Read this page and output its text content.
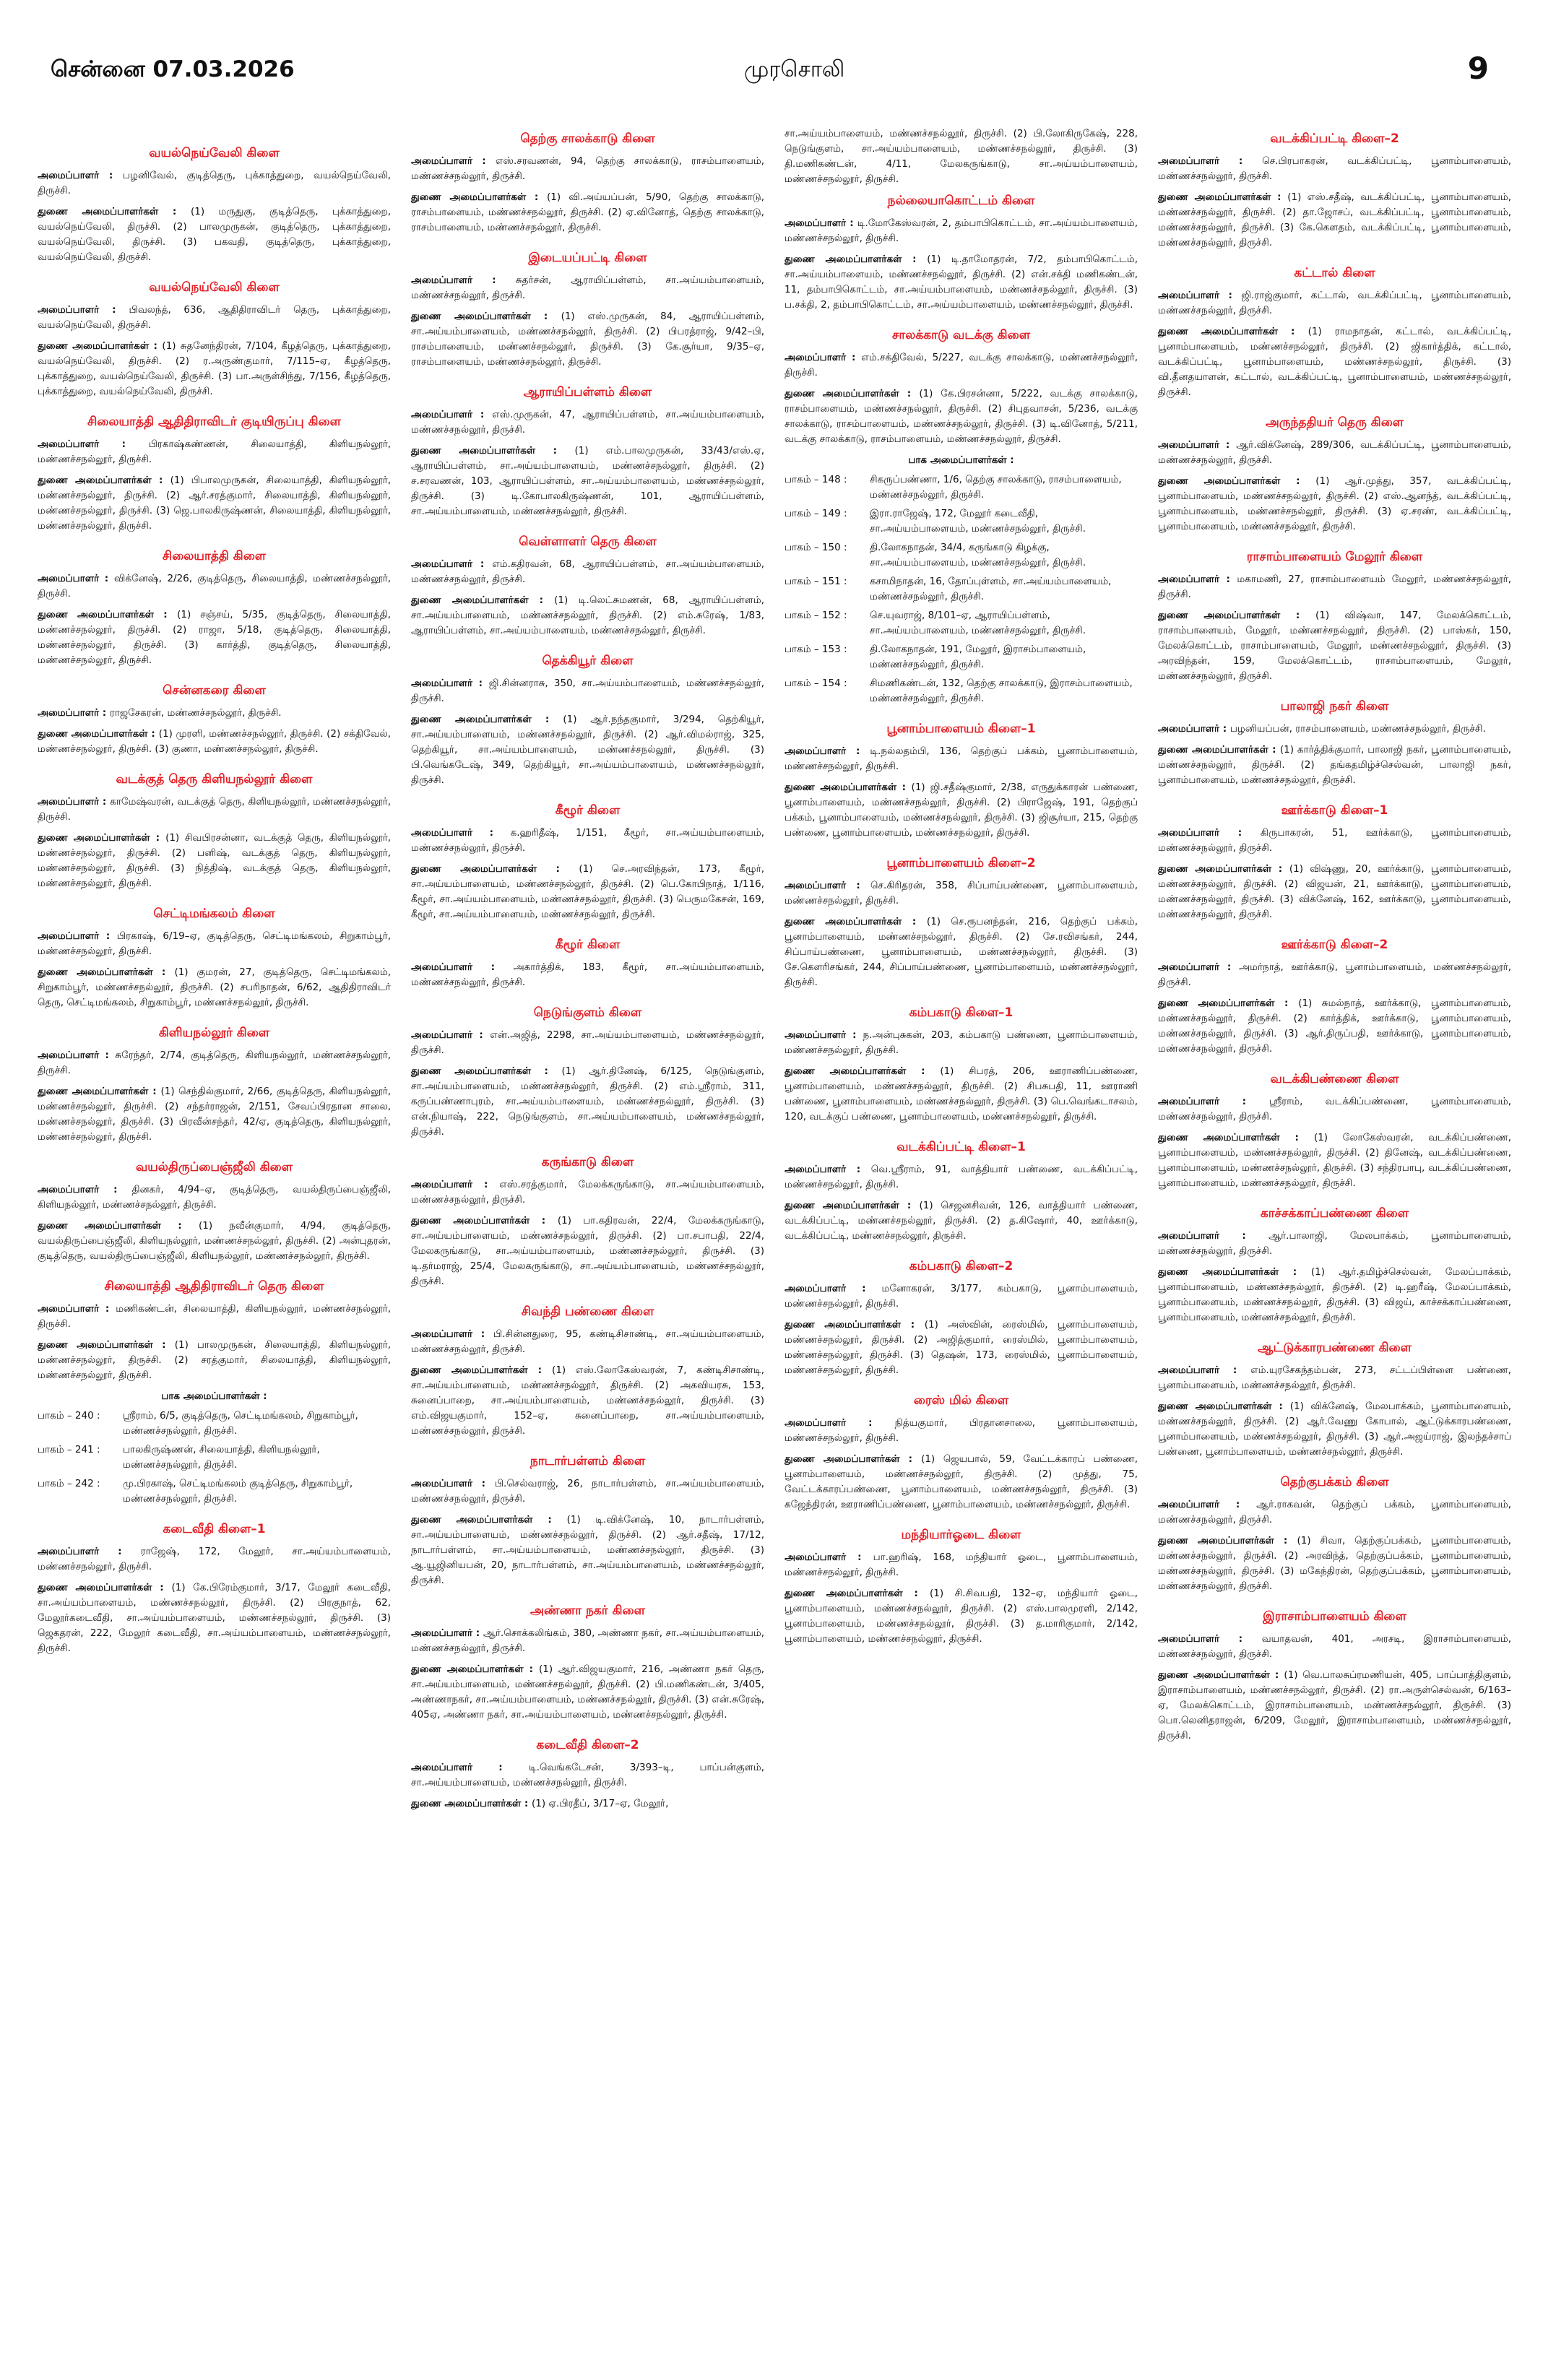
சென்னை 07.03.2026	முரசொலி	9
வயல்நெய்வேலி கிளை
அமைப்பாளர் : பழனிவேல், குடித்தெரு, புக்காத்துறை, வயல்நெய்வேலி, திருச்சி.
துணை அமைப்பாளர்கள் : (1) மருதுகு, குடித்தெரு, புக்காத்துறை, வயல்நெய்வேலி, திருச்சி. (2) பாலமுருகன், குடித்தெரு, புக்காத்துறை, வயல்நெய்வேலி, திருச்சி. (3) பகவதி, குடித்தெரு, புக்காத்துறை, வயல்நெய்வேலி, திருச்சி.
வயல்நெய்வேலி கிளை
அமைப்பாளர் : பிவலந்த், 636, ஆதிதிராவிடர் தெரு, புக்காத்துறை, வயல்நெய்வேலி, திருச்சி.
துணை அமைப்பாளர்கள் : (1) சுதனேந்திரன், 7/104, கீழத்தெரு, புக்காத்துறை, வயல்நெய்வேலி, திருச்சி. (2) ர.அருண்குமார், 7/115–ஏ, கீழத்தெரு, புக்காத்துறை, வயல்நெய்வேலி, திருச்சி. (3) பா.அருள்சிந்து, 7/156, கீழத்தெரு, புக்காத்துறை, வயல்நெய்வேலி, திருச்சி.
சிலையாத்தி ஆதிதிராவிடர் குடியிருப்பு கிளை
அமைப்பாளர் : பிரகாஷ்கண்ணன், சிலையாத்தி, கிளியநல்லூர், மண்ணச்சநல்லூர், திருச்சி.
துணை அமைப்பாளர்கள் : (1) பிபாலமுருகன், சிலையாத்தி, கிளியநல்லூர், மண்ணச்சநல்லூர், திருச்சி. (2) ஆர்.சரத்குமார், சிலையாத்தி, கிளியநல்லூர், மண்ணச்சநல்லூர், திருச்சி. (3) ஜெ.பாலகிருஷ்ணன், சிலையாத்தி, கிளியநல்லூர், மண்ணச்சநல்லூர், திருச்சி.
சிலையாத்தி கிளை
அமைப்பாளர் : விக்னேஷ், 2/26, குடித்தெரு, சிலையாத்தி, மண்ணச்சநல்லூர், திருச்சி.
துணை அமைப்பாளர்கள் : (1) சஞ்சய், 5/35, குடித்தெரு, சிலையாத்தி, மண்ணச்சநல்லூர், திருச்சி. (2) ராஜா, 5/18, குடித்தெரு, சிலையாத்தி, மண்ணச்சநல்லூர், திருச்சி. (3) கார்த்தி, குடித்தெரு, சிலையாத்தி, மண்ணச்சநல்லூர், திருச்சி.
சென்னகரை கிளை
அமைப்பாளர் : ராஜசேகரன், மண்ணச்சநல்லூர், திருச்சி.
துணை அமைப்பாளர்கள் : (1) முரளி, மண்ணச்சநல்லூர், திருச்சி. (2) சக்திவேல், மண்ணச்சநல்லூர், திருச்சி. (3) குணா, மண்ணச்சநல்லூர், திருச்சி.
வடக்குத் தெரு கிளியநல்லூர் கிளை
அமைப்பாளர் : காமேஷ்வரன், வடக்குத் தெரு, கிளியநல்லூர், மண்ணச்சநல்லூர், திருச்சி.
துணை அமைப்பாளர்கள் : (1) சிவபிரசன்னா, வடக்குத் தெரு, கிளியநல்லூர், மண்ணச்சநல்லூர், திருச்சி. (2) பனிஷ், வடக்குத் தெரு, கிளியநல்லூர், மண்ணச்சநல்லூர், திருச்சி. (3) நித்திஷ், வடக்குத் தெரு, கிளியநல்லூர், மண்ணச்சநல்லூர், திருச்சி.
செட்டிமங்கலம் கிளை
அமைப்பாளர் : பிரகாஷ், 6/19–ஏ, குடித்தெரு, செட்டிமங்கலம், சிறுகாம்பூர், மண்ணச்சநல்லூர், திருச்சி.
துணை அமைப்பாளர்கள் : (1) குமரன், 27, குடித்தெரு, செட்டிமங்கலம், சிறுகாம்பூர், மண்ணச்சநல்லூர், திருச்சி. (2) சபரிநாதன், 6/62, ஆதிதிராவிடர் தெரு, செட்டிமங்கலம், சிறுகாம்பூர், மண்ணச்சநல்லூர், திருச்சி.
கிளியநல்லூர் கிளை
அமைப்பாளர் : சுரேந்தர், 2/74, குடித்தெரு, கிளியநல்லூர், மண்ணச்சநல்லூர், திருச்சி.
துணை அமைப்பாளர்கள் : (1) செந்தில்குமார், 2/66, குடித்தெரு, கிளியநல்லூர், மண்ணச்சநல்லூர், திருச்சி. (2) சந்தர்ராஜன், 2/151, சேவப்பிரதான சாலை, மண்ணச்சநல்லூர், திருச்சி. (3) பிரவீன்சந்தர், 42/ஏ, குடித்தெரு, கிளியநல்லூர், மண்ணச்சநல்லூர், திருச்சி.
வயல்திருப்பைஞ்ஜீலி கிளை
அமைப்பாளர் : தினகர், 4/94–ஏ, குடித்தெரு, வயல்திருப்பைஞ்ஜீலி, கிளியநல்லூர், மண்ணச்சநல்லூர், திருச்சி.
துணை அமைப்பாளர்கள் : (1) நவீன்குமார், 4/94, குடித்தெரு, வயல்திருப்பைஞ்ஜீலி, கிளியநல்லூர், மண்ணச்சநல்லூர், திருச்சி. (2) அன்புதரன், குடித்தெரு, வயல்திருப்பைஞ்ஜீலி, கிளியநல்லூர், மண்ணச்சநல்லூர், திருச்சி.
சிலையாத்தி ஆதிதிராவிடர் தெரு கிளை
அமைப்பாளர் : மணிகண்டன், சிலையாத்தி, கிளியநல்லூர், மண்ணச்சநல்லூர், திருச்சி.
துணை அமைப்பாளர்கள் : (1) பாலமுருகன், சிலையாத்தி, கிளியநல்லூர், மண்ணச்சநல்லூர், திருச்சி. (2) சரத்குமார், சிலையாத்தி, கிளியநல்லூர், மண்ணச்சநல்லூர், திருச்சி.
பாக அமைப்பாளர்கள் :
பாகம் – 240 :	ஸ்ரீராம், 6/5, குடித்தெரு, செட்டிமங்கலம், சிறுகாம்பூர், மண்ணச்சநல்லூர், திருச்சி.
பாகம் – 241 :	பாலகிருஷ்ணன், சிலையாத்தி, கிளியநல்லூர், மண்ணச்சநல்லூர், திருச்சி.
பாகம் – 242 :	மு.பிரகாஷ், செட்டிமங்கலம் குடித்தெரு, சிறுகாம்பூர், மண்ணச்சநல்லூர், திருச்சி.
கடைவீதி கிளை–1
அமைப்பாளர் : ராஜேஷ், 172, மேலூர், சா.அய்யம்பாளையம், மண்ணச்சநல்லூர், திருச்சி.
துணை அமைப்பாளர்கள் : (1) கே.பிரேம்குமார், 3/17, மேலூர் கடைவீதி, சா.அய்யம்பாளையம், மண்ணச்சநல்லூர், திருச்சி. (2) பிரகுநாத், 62, மேலூர்கடைவீதி, சா.அய்யம்பாளையம், மண்ணச்சநல்லூர், திருச்சி. (3) ஜெகதரன், 222, மேலூர் கடைவீதி, சா.அய்யம்பாளையம், மண்ணச்சநல்லூர், திருச்சி.
தெற்கு சாலக்காடு கிளை
அமைப்பாளர் : எஸ்.சரவணன், 94, தெற்கு சாலக்காடு, ராசம்பாளையம், மண்ணச்சநல்லூர், திருச்சி.
துணை அமைப்பாளர்கள் : (1) வி.அய்யப்பன், 5/90, தெற்கு சாலக்காடு, ராசம்பாளையம், மண்ணச்சநல்லூர், திருச்சி. (2) ஏ.வினோத், தெற்கு சாலக்காடு, ராசம்பாளையம், மண்ணச்சநல்லூர், திருச்சி.
இடையப்பட்டி கிளை
அமைப்பாளர் : சுதர்சன், ஆராயிப்பள்ளம், சா.அய்யம்பாளையம், மண்ணச்சநல்லூர், திருச்சி.
துணை அமைப்பாளர்கள் : (1) எஸ்.முருகன், 84, ஆராயிப்பள்ளம், சா.அய்யம்பாளையம், மண்ணச்சநல்லூர், திருச்சி. (2) பிபரத்ராஜ், 9/42–பி, ராசம்பாளையம், மண்ணச்சநல்லூர், திருச்சி. (3) கே.சூர்யா, 9/35–ஏ, ராசம்பாளையம், மண்ணச்சநல்லூர், திருச்சி.
ஆராயிப்பள்ளம் கிளை
அமைப்பாளர் : எஸ்.முருகன், 47, ஆராயிப்பள்ளம், சா.அய்யம்பாளையம், மண்ணச்சநல்லூர், திருச்சி.
துணை அமைப்பாளர்கள் : (1) எம்.பாலமுருகன், 33/43/எஸ்.ஏ, ஆராயிப்பள்ளம், சா.அய்யம்பாளையம், மண்ணச்சநல்லூர், திருச்சி. (2) ச.சரவணன், 103, ஆராயிப்பள்ளம், சா.அய்யம்பாளையம், மண்ணச்சநல்லூர், திருச்சி. (3) டி.கோபாலகிருஷ்ணன், 101, ஆராயிப்பள்ளம், சா.அய்யம்பாளையம், மண்ணச்சநல்லூர், திருச்சி.
வெள்ளாளர் தெரு கிளை
அமைப்பாளர் : எம்.கதிரவன், 68, ஆராயிப்பள்ளம், சா.அய்யம்பாளையம், மண்ணச்சநல்லூர், திருச்சி.
துணை அமைப்பாளர்கள் : (1) டி.லெட்சுமணன், 68, ஆராயிப்பள்ளம், சா.அய்யம்பாளையம், மண்ணச்சநல்லூர், திருச்சி. (2) எம்.சுரேஷ், 1/83, ஆராயிப்பள்ளம், சா.அய்யம்பாளையம், மண்ணச்சநல்லூர், திருச்சி.
தெக்கியூர் கிளை
அமைப்பாளர் : ஜி.சின்னராசு, 350, சா.அய்யம்பாளையம், மண்ணச்சநல்லூர், திருச்சி.
துணை அமைப்பாளர்கள் : (1) ஆர்.நந்தகுமார், 3/294, தெற்கியூர், சா.அய்யம்பாளையம், மண்ணச்சநல்லூர், திருச்சி. (2) ஆர்.விமல்ராஜ், 325, தெற்கியூர், சா.அய்யம்பாளையம், மண்ணச்சநல்லூர், திருச்சி. (3) பி.வெங்கடேஷ், 349, தெற்கியூர், சா.அய்யம்பாளையம், மண்ணச்சநல்லூர், திருச்சி.
கீழூர் கிளை
அமைப்பாளர் : க.ஹரிதீஷ், 1/151, கீழூர், சா.அய்யம்பாளையம், மண்ணச்சநல்லூர், திருச்சி.
துணை அமைப்பாளர்கள் : (1) செ.அரவிந்தன், 173, கீழூர், சா.அய்யம்பாளையம், மண்ணச்சநல்லூர், திருச்சி. (2) பெ.கோபிநாத், 1/116, கீழூர், சா.அய்யம்பாளையம், மண்ணச்சநல்லூர், திருச்சி. (3) பெருமகேசன், 169, கீழூர், சா.அய்யம்பாளையம், மண்ணச்சநல்லூர், திருச்சி.
கீழூர் கிளை
அமைப்பாளர் : அகார்த்திக், 183, கீழூர், சா.அய்யம்பாளையம், மண்ணச்சநல்லூர், திருச்சி.
நெடுங்குளம் கிளை
அமைப்பாளர் : என்.அஜித், 2298, சா.அய்யம்பாளையம், மண்ணச்சநல்லூர், திருச்சி.
துணை அமைப்பாளர்கள் : (1) ஆர்.தினேஷ், 6/125, நெடுங்குளம், சா.அய்யம்பாளையம், மண்ணச்சநல்லூர், திருச்சி. (2) எம்.ஸ்ரீராம், 311, கருப்பண்ணாபுரம், சா.அய்யம்பாளையம், மண்ணச்சநல்லூர், திருச்சி. (3) என்.நியாஷ், 222, நெடுங்குளம், சா.அய்யம்பாளையம், மண்ணச்சநல்லூர், திருச்சி.
கருங்காடு கிளை
அமைப்பாளர் : எஸ்.சரத்குமார், மேலக்கருங்காடு, சா.அய்யம்பாளையம், மண்ணச்சநல்லூர், திருச்சி.
துணை அமைப்பாளர்கள் : (1) பா.கதிரவன், 22/4, மேலக்கருங்காடு, சா.அய்யம்பாளையம், மண்ணச்சநல்லூர், திருச்சி. (2) பா.சபாபதி, 22/4, மேலகருங்காடு, சா.அய்யம்பாளையம், மண்ணச்சநல்லூர், திருச்சி. (3) டி.தர்மராஜ், 25/4, மேலகருங்காடு, சா.அய்யம்பாளையம், மண்ணச்சநல்லூர், திருச்சி.
சிவந்தி பண்ணை கிளை
அமைப்பாளர் : பி.சின்னதுரை, 95, கண்டிசிசாண்டி, சா.அய்யம்பாளையம், மண்ணச்சநல்லூர், திருச்சி.
துணை அமைப்பாளர்கள் : (1) எஸ்.லோகேஸ்வரன், 7, கண்டிசிசாண்டி, சா.அய்யம்பாளையம், மண்ணச்சநல்லூர், திருச்சி. (2) அகவியரசு, 153, சுனைப்பாறை, சா.அய்யம்பாளையம், மண்ணச்சநல்லூர், திருச்சி. (3) எம்.விஜயகுமார், 152–ஏ, சுனைப்பாறை, சா.அய்யம்பாளையம், மண்ணச்சநல்லூர், திருச்சி.
நாடார்பள்ளம் கிளை
அமைப்பாளர் : பி.செல்வராஜ், 26, நாடார்பள்ளம், சா.அய்யம்பாளையம், மண்ணச்சநல்லூர், திருச்சி.
துணை அமைப்பாளர்கள் : (1) டி.விக்னேஷ், 10, நாடார்பள்ளம், சா.அய்யம்பாளையம், மண்ணச்சநல்லூர், திருச்சி. (2) ஆர்.சதீஷ், 17/12, நாடார்பள்ளம், சா.அய்யம்பாளையம், மண்ணச்சநல்லூர், திருச்சி. (3) ஆ.யூஜினியபன், 20, நாடார்பள்ளம், சா.அய்யம்பாளையம், மண்ணச்சநல்லூர், திருச்சி.
அண்ணா நகர் கிளை
அமைப்பாளர் : ஆர்.சொக்கலிங்கம், 380, அண்ணா நகர், சா.அய்யம்பாளையம், மண்ணச்சநல்லூர், திருச்சி.
துணை அமைப்பாளர்கள் : (1) ஆர்.விஜயகுமார், 216, அண்ணா நகர் தெரு, சா.அய்யம்பாளையம், மண்ணச்சநல்லூர், திருச்சி. (2) பி.மணிகண்டன், 3/405, அண்ணாநகர், சா.அய்யம்பாளையம், மண்ணச்சநல்லூர், திருச்சி. (3) என்.சுரேஷ், 405ஏ, அண்ணா நகர், சா.அய்யம்பாளையம், மண்ணச்சநல்லூர், திருச்சி.
கடைவீதி கிளை–2
அமைப்பாளர் : டி.வெங்கடேசன், 3/393–டி, பாப்பன்குளம், சா.அய்யம்பாளையம், மண்ணச்சநல்லூர், திருச்சி.
துணை அமைப்பாளர்கள் : (1) ஏ.பிரதீப், 3/17–ஏ, மேலூர்,
சா.அய்யம்பாளையம், மண்ணச்சநல்லூர், திருச்சி. (2) பி.லோகிருகேஷ், 228, நெடுங்குளம், சா.அய்யம்பாளையம், மண்ணச்சநல்லூர், திருச்சி. (3) தி.மணிகண்டன், 4/11, மேலகருங்காடு, சா.அய்யம்பாளையம், மண்ணச்சநல்லூர், திருச்சி.
நல்லையாகொட்டம் கிளை
அமைப்பாளர் : டி.மோகேஸ்வரன், 2, தம்பாபிகொட்டம், சா.அய்யம்பாளையம், மண்ணச்சநல்லூர், திருச்சி.
துணை அமைப்பாளர்கள் : (1) டி.தாமோதரன், 7/2, தம்பாபிகொட்டம், சா.அய்யம்பாளையம், மண்ணச்சநல்லூர், திருச்சி. (2) என்.சக்தி மணிகண்டன், 11, தம்பாபிகொட்டம், சா.அய்யம்பாளையம், மண்ணச்சநல்லூர், திருச்சி. (3) ப.சக்தி, 2, தம்பாபிகொட்டம், சா.அய்யம்பாளையம், மண்ணச்சநல்லூர், திருச்சி.
சாலக்காடு வடக்கு கிளை
அமைப்பாளர் : எம்.சக்திவேல், 5/227, வடக்கு சாலக்காடு, மண்ணச்சநல்லூர், திருச்சி.
துணை அமைப்பாளர்கள் : (1) கே.பிரசன்னா, 5/222, வடக்கு சாலக்காடு, ராசம்பாளையம், மண்ணச்சநல்லூர், திருச்சி. (2) சிபுதவாசன், 5/236, வடக்கு சாலக்காடு, ராசம்பாளையம், மண்ணச்சநல்லூர், திருச்சி. (3) டி.வினோத், 5/211, வடக்கு சாலக்காடு, ராசம்பாளையம், மண்ணச்சநல்லூர், திருச்சி.
பாக அமைப்பாளர்கள் :
பாகம் – 148 :	சிகருப்பண்ணா, 1/6, தெற்கு சாலக்காடு, ராசம்பாளையம், மண்ணச்சநல்லூர், திருச்சி.
பாகம் – 149 :	இரா.ராஜேஷ், 172, மேலூர் கடைவீதி, சா.அய்யம்பாளையம், மண்ணச்சநல்லூர், திருச்சி.
பாகம் – 150 :	தி.லோகநாதன், 34/4, கருங்காடு கிழக்கு, சா.அய்யம்பாளையம், மண்ணச்சநல்லூர், திருச்சி.
பாகம் – 151 :	கசாமிநாதன், 16, தோப்புள்ளம், சா.அய்யம்பாளையம், மண்ணச்சநல்லூர், திருச்சி.
பாகம் – 152 :	செ.யுவராஜ், 8/101–ஏ, ஆராயிப்பள்ளம், சா.அய்யம்பாளையம், மண்ணச்சநல்லூர், திருச்சி.
பாகம் – 153 :	தி.லோகநாதன், 191, மேலூர், இராசம்பாளையம், மண்ணச்சநல்லூர், திருச்சி.
பாகம் – 154 :	சிமணிகண்டன், 132, தெற்கு சாலக்காடு, இராசம்பாளையம், மண்ணச்சநல்லூர், திருச்சி.
பூனாம்பாளையம் கிளை–1
அமைப்பாளர் : டி.நல்லதம்பி, 136, தெற்குப் பக்கம், பூனாம்பாளையம், மண்ணச்சநல்லூர், திருச்சி.
துணை அமைப்பாளர்கள் : (1) ஜி.சதீஷ்குமார், 2/38, எருதுக்காரன் பண்ணை, பூனாம்பாளையம், மண்ணச்சநல்லூர், திருச்சி. (2) பிராஜேஷ், 191, தெற்குப் பக்கம், பூனாம்பாளையம், மண்ணச்சநல்லூர், திருச்சி. (3) ஜிசூர்யா, 215, தெற்கு பண்ணை, பூனாம்பாளையம், மண்ணச்சநல்லூர், திருச்சி.
பூனாம்பாளையம் கிளை–2
அமைப்பாளர் : செ.கிரிதரன், 358, சிப்பாய்பண்ணை, பூனாம்பாளையம், மண்ணச்சநல்லூர், திருச்சி.
துணை அமைப்பாளர்கள் : (1) செ.ரூபனந்தன், 216, தெற்குப் பக்கம், பூனாம்பாளையம், மண்ணச்சநல்லூர், திருச்சி. (2) சே.ரவிசங்கர், 244, சிப்பாய்பண்ணை, பூனாம்பாளையம், மண்ணச்சநல்லூர், திருச்சி. (3) சே.கௌரிசங்கர், 244, சிப்பாய்பண்ணை, பூனாம்பாளையம், மண்ணச்சநல்லூர், திருச்சி.
கம்பகாடு கிளை–1
அமைப்பாளர் : ந.அன்புசுகன், 203, கம்பகாடு பண்ணை, பூனாம்பாளையம், மண்ணச்சநல்லூர், திருச்சி.
துணை அமைப்பாளர்கள் : (1) சிபரத், 206, ஊராணிப்பண்ணை, பூனாம்பாளையம், மண்ணச்சநல்லூர், திருச்சி. (2) சிபசுபதி, 11, ஊராணி பண்ணை, பூனாம்பாளையம், மண்ணச்சநல்லூர், திருச்சி. (3) பெ.வெங்கடாசலம், 120, வடக்குப் பண்ணை, பூனாம்பாளையம், மண்ணச்சநல்லூர், திருச்சி.
வடக்கிப்பட்டி கிளை–1
அமைப்பாளர் : வெ.ஸ்ரீராம், 91, வாத்தியார் பண்ணை, வடக்கிப்பட்டி, மண்ணச்சநல்லூர், திருச்சி.
துணை அமைப்பாளர்கள் : (1) செஜனசிவன், 126, வாத்தியார் பண்ணை, வடக்கிப்பட்டி, மண்ணச்சநல்லூர், திருச்சி. (2) த.கிஷோர், 40, ஊர்க்காடு, வடக்கிப்பட்டி, மண்ணச்சநல்லூர், திருச்சி.
கம்பகாடு கிளை–2
அமைப்பாளர் : மனோகரன், 3/177, கம்பகாடு, பூனாம்பாளையம், மண்ணச்சநல்லூர், திருச்சி.
துணை அமைப்பாளர்கள் : (1) அஸ்வின், ரைஸ்மில், பூனாம்பாளையம், மண்ணச்சநல்லூர், திருச்சி. (2) அஜித்குமார், ரைஸ்மில், பூனாம்பாளையம், மண்ணச்சநல்லூர், திருச்சி. (3) தெஷன், 173, ரைஸ்மில், பூனாம்பாளையம், மண்ணச்சநல்லூர், திருச்சி.
ரைஸ் மில் கிளை
அமைப்பாளர் : நித்யகுமார், பிரதானசாலை, பூனாம்பாளையம், மண்ணச்சநல்லூர், திருச்சி.
துணை அமைப்பாளர்கள் : (1) ஜெயபால், 59, வேட்டக்காரப் பண்ணை, பூனாம்பாளையம், மண்ணச்சநல்லூர், திருச்சி. (2) முத்து, 75, வேட்டக்காரப்பண்ணை, பூனாம்பாளையம், மண்ணச்சநல்லூர், திருச்சி. (3) கஜேந்திரன், ஊராணிப்பண்ணை, பூனாம்பாளையம், மண்ணச்சநல்லூர், திருச்சி.
மந்தியார்ஓடை கிளை
அமைப்பாளர் : பா.ஹரிஷ், 168, மந்தியார் ஓடை, பூனாம்பாளையம், மண்ணச்சநல்லூர், திருச்சி.
துணை அமைப்பாளர்கள் : (1) சி.சிவபதி, 132–ஏ, மந்தியார் ஓடை, பூனாம்பாளையம், மண்ணச்சநல்லூர், திருச்சி. (2) எஸ்.பாலமுரளி, 2/142, பூனாம்பாளையம், மண்ணச்சநல்லூர், திருச்சி. (3) த.மாரிகுமார், 2/142, பூனாம்பாளையம், மண்ணச்சநல்லூர், திருச்சி.
வடக்கிப்பட்டி கிளை–2
அமைப்பாளர் : செ.பிரபாகரன், வடக்கிப்பட்டி, பூனாம்பாளையம், மண்ணச்சநல்லூர், திருச்சி.
துணை அமைப்பாளர்கள் : (1) எஸ்.சதீஷ், வடக்கிப்பட்டி, பூனாம்பாளையம், மண்ணச்சநல்லூர், திருச்சி. (2) தா.ஜோசப், வடக்கிப்பட்டி, பூனாம்பாளையம், மண்ணச்சநல்லூர், திருச்சி. (3) கே.கௌதம், வடக்கிப்பட்டி, பூனாம்பாளையம், மண்ணச்சநல்லூர், திருச்சி.
கட்டால் கிளை
அமைப்பாளர் : ஜி.ராஜ்குமார், கட்டால், வடக்கிப்பட்டி, பூனாம்பாளையம், மண்ணச்சநல்லூர், திருச்சி.
துணை அமைப்பாளர்கள் : (1) ராமநாதன், கட்டால், வடக்கிப்பட்டி, பூனாம்பாளையம், மண்ணச்சநல்லூர், திருச்சி. (2) ஜிகார்த்திக், கட்டால், வடக்கிப்பட்டி, பூனாம்பாளையம், மண்ணச்சநல்லூர், திருச்சி. (3) வி.தீனதயாளன், கட்டால், வடக்கிப்பட்டி, பூனாம்பாளையம், மண்ணச்சநல்லூர், திருச்சி.
அருந்ததியர் தெரு கிளை
அமைப்பாளர் : ஆர்.விக்னேஷ், 289/306, வடக்கிப்பட்டி, பூனாம்பாளையம், மண்ணச்சநல்லூர், திருச்சி.
துணை அமைப்பாளர்கள் : (1) ஆர்.முத்து, 357, வடக்கிப்பட்டி, பூனாம்பாளையம், மண்ணச்சநல்லூர், திருச்சி. (2) எஸ்.ஆனந்த், வடக்கிப்பட்டி, பூனாம்பாளையம், மண்ணச்சநல்லூர், திருச்சி. (3) ஏ.சரண், வடக்கிப்பட்டி, பூனாம்பாளையம், மண்ணச்சநல்லூர், திருச்சி.
ராசாம்பாளையம் மேலூர் கிளை
அமைப்பாளர் : மகாமணி, 27, ராசாம்பாளையம் மேலூர், மண்ணச்சநல்லூர், திருச்சி.
துணை அமைப்பாளர்கள் : (1) விஷ்வா, 147, மேலக்கொட்டம், ராசாம்பாளையம், மேலூர், மண்ணச்சநல்லூர், திருச்சி. (2) பாஸ்கர், 150, மேலக்கொட்டம், ராசாம்பாளையம், மேலூர், மண்ணச்சநல்லூர், திருச்சி. (3) அரவிந்தன், 159, மேலக்கொட்டம், ராசாம்பாளையம், மேலூர், மண்ணச்சநல்லூர், திருச்சி.
பாலாஜி நகர் கிளை
அமைப்பாளர் : பழனியப்பன், ராசம்பாளையம், மண்ணச்சநல்லூர், திருச்சி.
துணை அமைப்பாளர்கள் : (1) கார்த்திக்குமார், பாலாஜி நகர், பூனாம்பாளையம், மண்ணச்சநல்லூர், திருச்சி. (2) தங்கதமிழ்ச்செல்வன், பாலாஜி நகர், பூனாம்பாளையம், மண்ணச்சநல்லூர், திருச்சி.
ஊர்க்காடு கிளை–1
அமைப்பாளர் : கிருபாகரன், 51, ஊர்க்காடு, பூனாம்பாளையம், மண்ணச்சநல்லூர், திருச்சி.
துணை அமைப்பாளர்கள் : (1) விஷ்ணு, 20, ஊர்க்காடு, பூனாம்பாளையம், மண்ணச்சநல்லூர், திருச்சி. (2) விஜயன், 21, ஊர்க்காடு, பூனாம்பாளையம், மண்ணச்சநல்லூர், திருச்சி. (3) விக்னேஷ், 162, ஊர்க்காடு, பூனாம்பாளையம், மண்ணச்சநல்லூர், திருச்சி.
ஊர்க்காடு கிளை–2
அமைப்பாளர் : அமர்நாத், ஊர்க்காடு, பூனாம்பாளையம், மண்ணச்சநல்லூர், திருச்சி.
துணை அமைப்பாளர்கள் : (1) சுமல்நாத், ஊர்க்காடு, பூனாம்பாளையம், மண்ணச்சநல்லூர், திருச்சி. (2) கார்த்திக், ஊர்க்காடு, பூனாம்பாளையம், மண்ணச்சநல்லூர், திருச்சி. (3) ஆர்.திருப்பதி, ஊர்க்காடு, பூனாம்பாளையம், மண்ணச்சநல்லூர், திருச்சி.
வடக்கிபண்ணை கிளை
அமைப்பாளர் : ஸ்ரீராம், வடக்கிப்பண்ணை, பூனாம்பாளையம், மண்ணச்சநல்லூர், திருச்சி.
துணை அமைப்பாளர்கள் : (1) லோகேஸ்வரன், வடக்கிப்பண்ணை, பூனாம்பாளையம், மண்ணச்சநல்லூர், திருச்சி. (2) தினேஷ், வடக்கிப்பண்ணை, பூனாம்பாளையம், மண்ணச்சநல்லூர், திருச்சி. (3) சந்திரபாபு, வடக்கிப்பண்ணை, பூனாம்பாளையம், மண்ணச்சநல்லூர், திருச்சி.
காச்சக்காப்பண்ணை கிளை
அமைப்பாளர் : ஆர்.பாலாஜி, மேலபாக்கம், பூனாம்பாளையம், மண்ணச்சநல்லூர், திருச்சி.
துணை அமைப்பாளர்கள் : (1) ஆர்.தமிழ்ச்செல்வன், மேலப்பாக்கம், பூனாம்பாளையம், மண்ணச்சநல்லூர், திருச்சி. (2) டி.ஹரீஷ், மேலப்பாக்கம், பூனாம்பாளையம், மண்ணச்சநல்லூர், திருச்சி. (3) விஜய், காச்சக்காப்பண்ணை, பூனாம்பாளையம், மண்ணச்சநல்லூர், திருச்சி.
ஆட்டுக்காரபண்ணை கிளை
அமைப்பாளர் : எம்.யுரசேகந்தம்பன், 273, சட்டப்பிள்ளை பண்ணை, பூனாம்பாளையம், மண்ணச்சநல்லூர், திருச்சி.
துணை அமைப்பாளர்கள் : (1) விக்னேஷ், மேலபாக்கம், பூனாம்பாளையம், மண்ணச்சநல்லூர், திருச்சி. (2) ஆர்.வேணு கோபால், ஆட்டுக்காரபண்ணை, பூனாம்பாளையம், மண்ணச்சநல்லூர், திருச்சி. (3) ஆர்.அஜய்ராஜ், இலந்தச்சாப் பண்ணை, பூனாம்பாளையம், மண்ணச்சநல்லூர், திருச்சி.
தெற்குபக்கம் கிளை
அமைப்பாளர் : ஆர்.ராகவன், தெற்குப் பக்கம், பூனாம்பாளையம், மண்ணச்சநல்லூர், திருச்சி.
துணை அமைப்பாளர்கள் : (1) சிவா, தெற்குப்பக்கம், பூனாம்பாளையம், மண்ணச்சநல்லூர், திருச்சி. (2) அரவிந்த், தெற்குப்பக்கம், பூனாம்பாளையம், மண்ணச்சநல்லூர், திருச்சி. (3) மகேந்திரன், தெற்குப்பக்கம், பூனாம்பாளையம், மண்ணச்சநல்லூர், திருச்சி.
இராசாம்பாளையம் கிளை
அமைப்பாளர் : வயாதவன், 401, அரசடி, இராசாம்பாளையம், மண்ணச்சநல்லூர், திருச்சி.
துணை அமைப்பாளர்கள் : (1) வெ.பாலசுப்ரமணியன், 405, பாப்பாத்திகுளம், இராசாம்பாளையம், மண்ணச்சநல்லூர், திருச்சி. (2) ரா.அருள்செல்வன், 6/163–ஏ, மேலக்கொட்டம், இராசாம்பாளையம், மண்ணச்சநல்லூர், திருச்சி. (3) பொ.லெனிதராஜன், 6/209, மேலூர், இராசாம்பாளையம், மண்ணச்சநல்லூர், திருச்சி.
